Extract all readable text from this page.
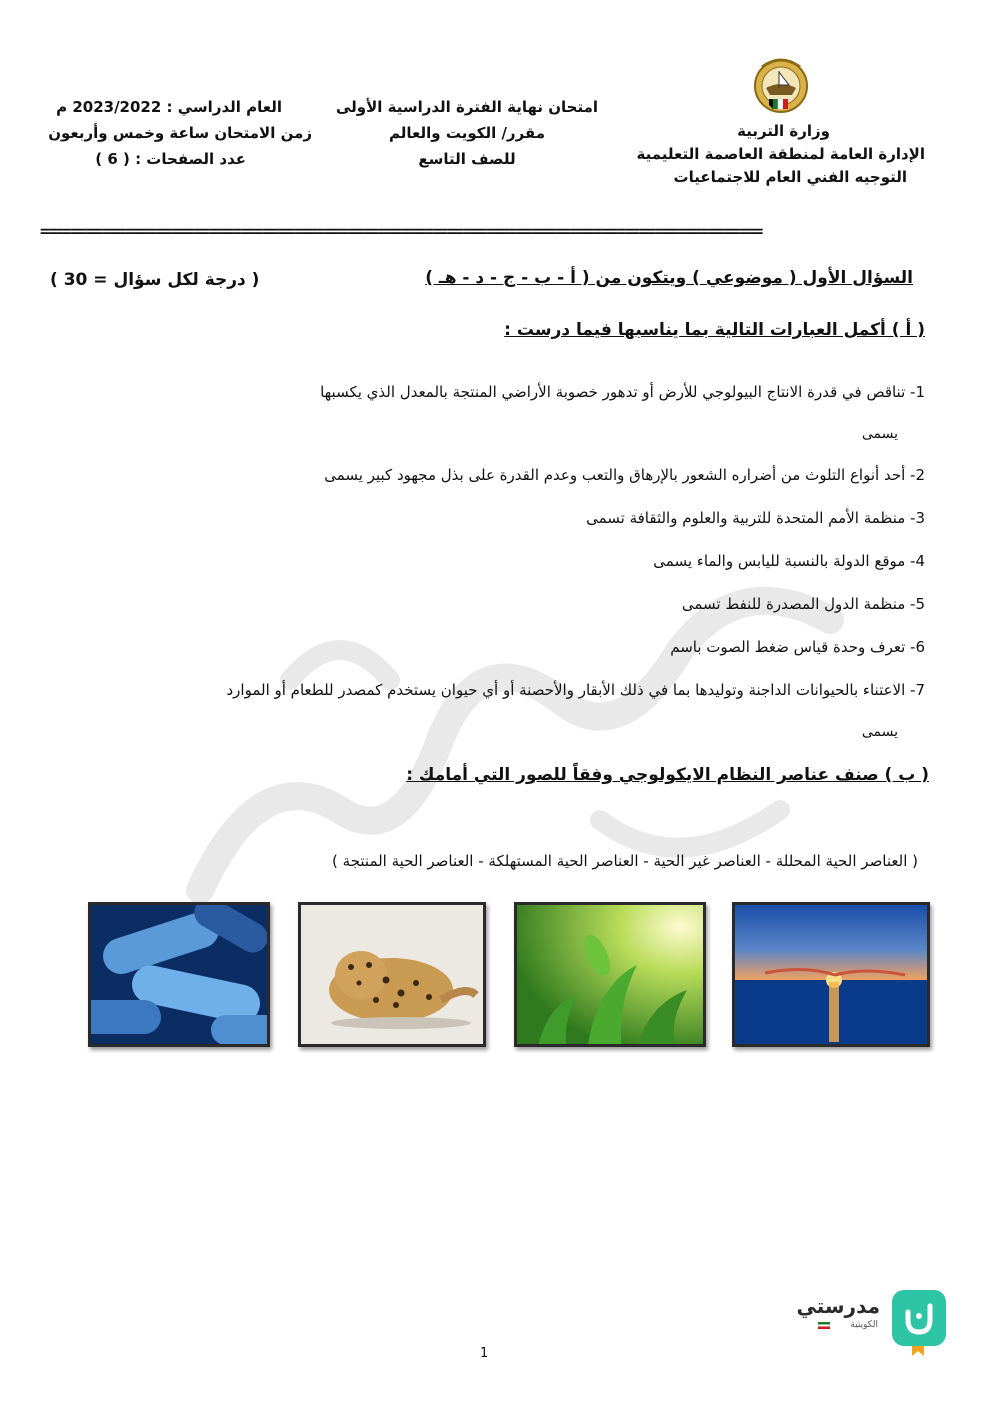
وزارة التربية
الإدارة العامة لمنطقة العاصمة التعليمية
التوجيه الفني العام للاجتماعيات
امتحان نهاية الفترة الدراسية الأولى
مقرر/ الكويت والعالم
للصف التاسع
العام الدراسي : 2023/2022 م
زمن الامتحان ساعة وخمس وأربعون
عدد الصفحات : ( 6 )
==============================================================================================
السؤال الأول ( موضوعي ) ويتكون من ( أ - ب - ج - د - هـ )
( درجة لكل سؤال = 30 )
( أ ) أكمل العبارات التالية بما يناسبها فيما درست :
1- تناقص في قدرة الانتاج البيولوجي للأرض أو تدهور خصوبة الأراضي المنتجة بالمعدل الذي يكسبها
يسمى
2- أحد أنواع التلوث من أضراره الشعور بالإرهاق والتعب وعدم القدرة على بذل مجهود كبير يسمى
3- منظمة الأمم المتحدة للتربية والعلوم والثقافة تسمى
4- موقع الدولة بالنسبة لليابس والماء يسمى
5- منظمة الدول المصدرة للنفط تسمى
6- تعرف وحدة قياس ضغط الصوت باسم
7- الاعتناء بالحيوانات الداجنة وتوليدها بما في ذلك الأبقار والأحصنة أو أي حيوان يستخدم كمصدر للطعام أو الموارد
يسمى
( ب ) صنف عناصر النظام الايكولوجي وفقاً للصور التي أمامك :
( العناصر الحية المحللة - العناصر غير الحية - العناصر الحية المستهلكة - العناصر الحية المنتجة )
مدرستي
الكويتية
1
